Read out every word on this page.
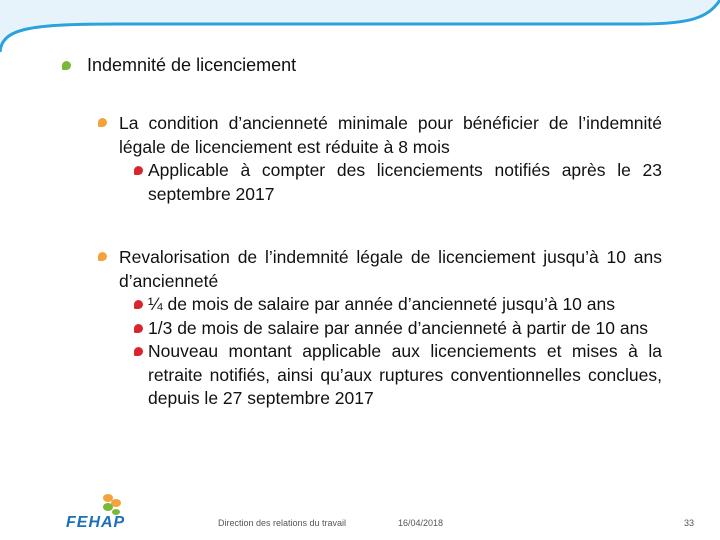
Indemnité de licenciement
La condition d’ancienneté minimale pour bénéficier de l’indemnité légale de licenciement est réduite à 8 mois
Applicable à compter des licenciements notifiés après le 23 septembre 2017
Revalorisation de l’indemnité légale de licenciement jusqu’à 10 ans d’ancienneté
¼ de mois de salaire par année d’ancienneté jusqu’à 10 ans
1/3 de mois de salaire par année d’ancienneté à partir de 10 ans
Nouveau montant applicable aux licenciements et mises à la retraite notifiés, ainsi qu’aux ruptures conventionnelles conclues, depuis le 27 septembre 2017
FEHAP	Direction des relations du travail	16/04/2018	33
